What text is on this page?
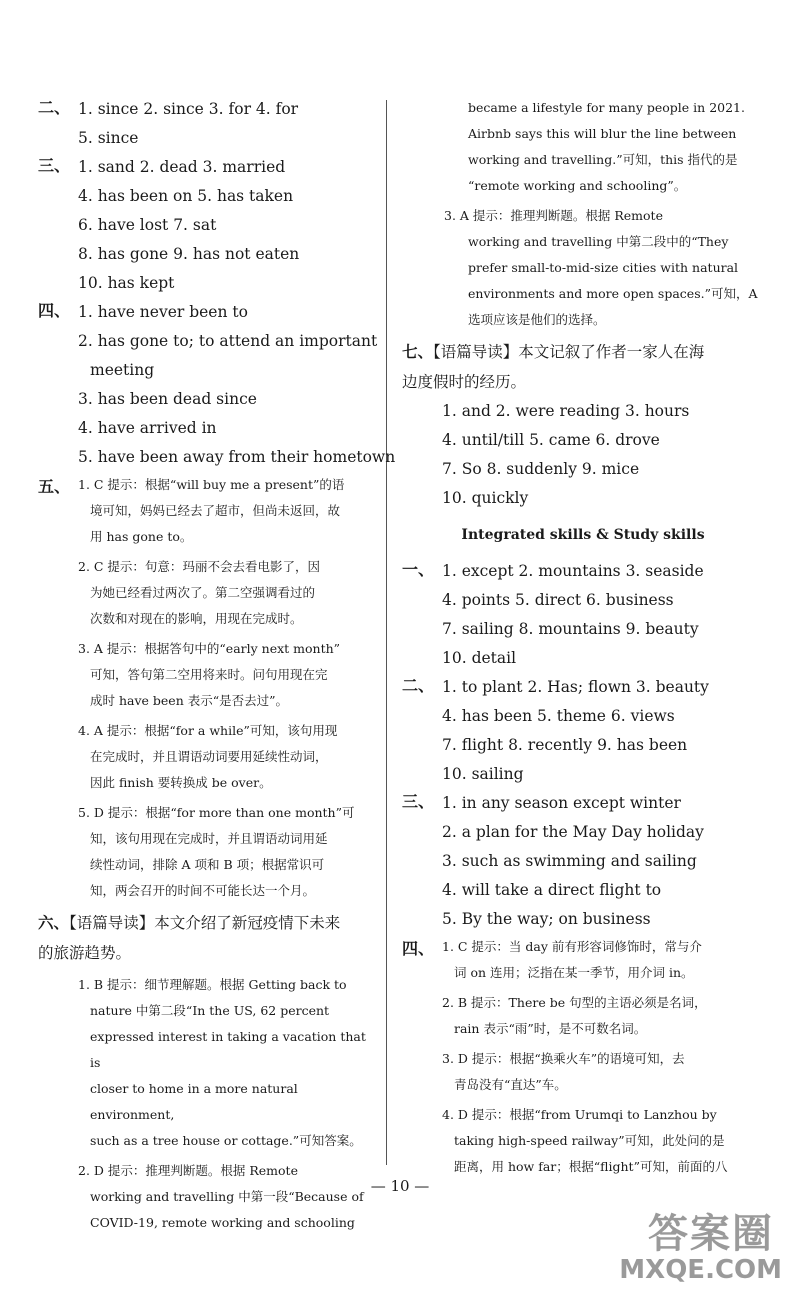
二、 1. since 2. since 3. for 4. for
5. since
三、 1. sand 2. dead 3. married
4. has been on 5. has taken
6. have lost 7. sat
8. has gone 9. has not eaten
10. has kept
四、 1. have never been to
2. has gone to; to attend an important
meeting
3. has been dead since
4. have arrived in
5. have been away from their hometown
五、 1. C 提示：根据“will buy me a present”的语
境可知，妈妈已经去了超市，但尚未返回，故
用 has gone to。
2. C 提示：句意：玛丽不会去看电影了，因
为她已经看过两次了。第二空强调看过的
次数和对现在的影响，用现在完成时。
3. A 提示：根据答句中的“early next month”
可知，答句第二空用将来时。问句用现在完
成时 have been 表示“是否去过”。
4. A 提示：根据“for a while”可知，该句用现
在完成时，并且谓语动词要用延续性动词，
因此 finish 要转换成 be over。
5. D 提示：根据“for more than one month”可
知，该句用现在完成时，并且谓语动词用延
续性动词，排除 A 项和 B 项；根据常识可
知，两会召开的时间不可能长达一个月。
六、【语篇导读】本文介绍了新冠疫情下未来
的旅游趋势。
1. B 提示：细节理解题。根据 Getting back to
nature 中第二段“In the US, 62 percent
expressed interest in taking a vacation that is
closer to home in a more natural environment,
such as a tree house or cottage.”可知答案。
2. D 提示：推理判断题。根据 Remote
working and travelling 中第一段“Because of
COVID-19, remote working and schooling
became a lifestyle for many people in 2021.
Airbnb says this will blur the line between
working and travelling.”可知，this 指代的是
“remote working and schooling”。
3. A 提示：推理判断题。根据 Remote
working and travelling 中第二段中的“They
prefer small-to-mid-size cities with natural
environments and more open spaces.”可知，A
选项应该是他们的选择。
七、【语篇导读】本文记叙了作者一家人在海
边度假时的经历。
1. and 2. were reading 3. hours
4. until/till 5. came 6. drove
7. So 8. suddenly 9. mice
10. quickly
Integrated skills & Study skills
一、 1. except 2. mountains 3. seaside
4. points 5. direct 6. business
7. sailing 8. mountains 9. beauty
10. detail
二、 1. to plant 2. Has; flown 3. beauty
4. has been 5. theme 6. views
7. flight 8. recently 9. has been
10. sailing
三、 1. in any season except winter
2. a plan for the May Day holiday
3. such as swimming and sailing
4. will take a direct flight to
5. By the way; on business
四、 1. C 提示：当 day 前有形容词修饰时，常与介
词 on 连用；泛指在某一季节，用介词 in。
2. B 提示：There be 句型的主语必须是名词，
rain 表示“雨”时，是不可数名词。
3. D 提示：根据“换乘火车”的语境可知，去
青岛没有“直达”车。
4. D 提示：根据“from Urumqi to Lanzhou by
taking high-speed railway”可知，此处问的是
距离，用 how far；根据“flight”可知，前面的八
— 10 —
答案圈
MXQE.COM
